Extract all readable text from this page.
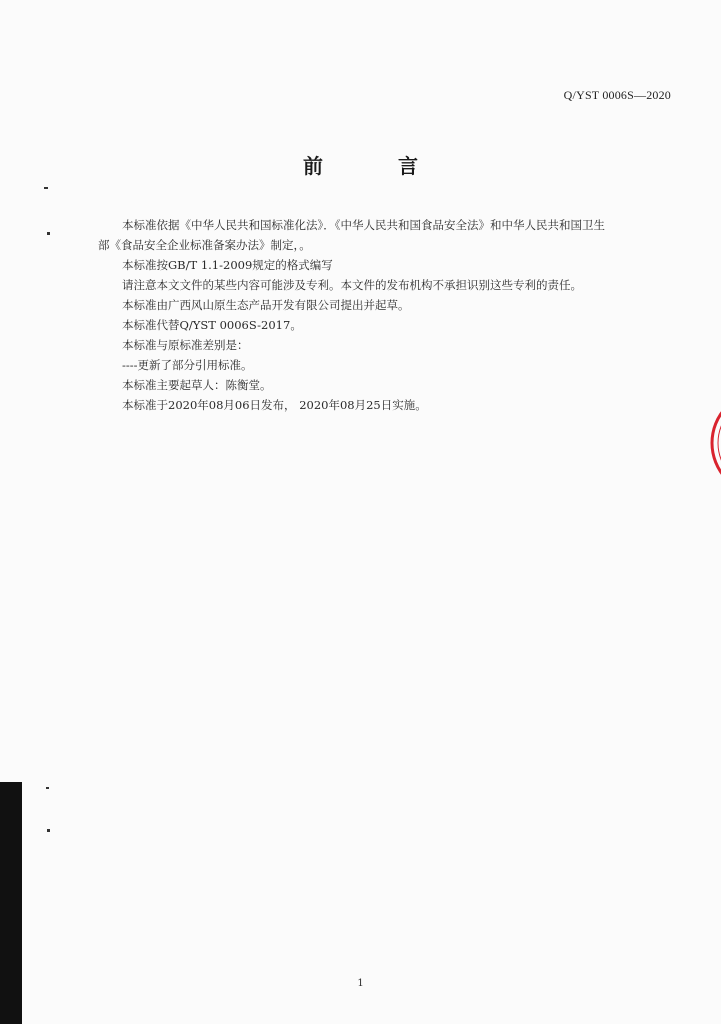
Q/YST 0006S—2020
前 言

本标准依据《中华人民共和国标准化法》．《中华人民共和国食品安全法》和中华人民共和国卫生

部《食品安全企业标准备案办法》制定，。

本标准按GB/T 1.1-2009规定的格式编写

请注意本文文件的某些内容可能涉及专利。本文件的发布机构不承担识别这些专利的责任。

本标准由广西风山原生态产品开发有限公司提出并起草。

本标准代替Q/YST 0006S-2017。

本标准与原标准差别是：

----更新了部分引用标准。

本标准主要起草人：陈衡堂。

本标准于2020年08月06日发布， 2020年08月25日实施。

1
